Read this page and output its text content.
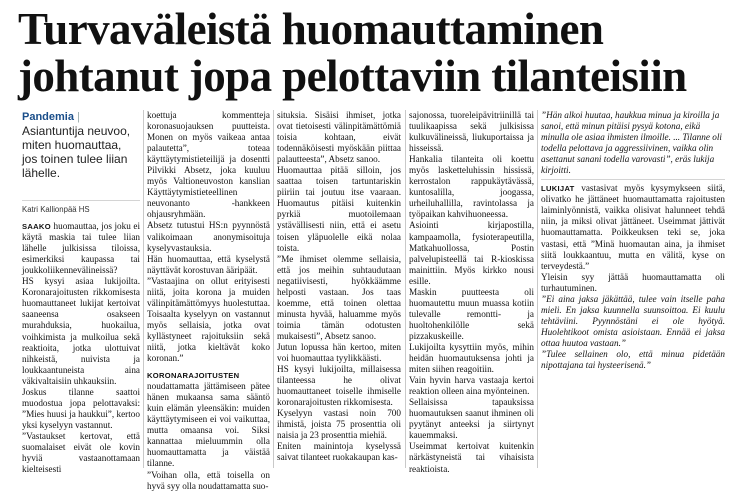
Turvaväleistä huomauttaminen
johtanut jopa pelottaviin tilanteisiin
Pandemia |
Asiantuntija neuvoo, miten huomauttaa, jos toinen tulee liian lähelle.
Katri Kallionpää HS

SAAKO huomauttaa, jos joku ei käytä maskia tai tulee liian lähelle julkisissa tiloissa, esimerkiksi kaupassa tai joukkoliikennevälineissä?

HS kysyi asiaa lukijoilta. Koronarajoitusten rikkomisesta huomauttaneet lukijat kertoivat saaneensa osakseen murahduksia, huokailua, voihkimista ja mulkoilua sekä reaktioita, jotka ulottuivat nihkeistä, nuivista ja loukkaantuneista aina väkivaltaisiin uhkauksiin.

Joskus tilanne saattoi muodostua jopa pelottavaksi: ”Mies huusi ja haukkui”, kertoo yksi kyselyyn vastannut.

”Vastaukset kertovat, että suomalaiset eivät ole kovin hyviä vastaanottamaan kielteisesti

koettuja kommentteja koronasuojauksen puutteista. Monen on myös vaikeaa antaa palautetta”, toteaa käyttäytymistieteilijä ja dosentti Pilvikki Absetz, joka kuuluu myös Valtioneuvoston kanslian Käyttäytymistieteellinen neuvonanto -hankkeen ohjausryhmään.

Absetz tutustui HS:n pyynnöstä valikoimaan anonymisoituja kyselyvastauksia.

Hän huomauttaa, että kyselystä näyttävät korostuvan ääripäät.

”Vastaajina on ollut erityisesti niitä, joita korona ja muiden välinpitämättömyys huolestuttaa. Toisaalta kyselyyn on vastannut myös sellaisia, jotka ovat kyllästyneet rajoituksiin sekä niitä, jotka kieltävät koko koronan.”

KORONARAJOITUSTEN noudattamatta jättämiseen pätee hänen mukaansa sama sääntö kuin elämän yleensäkin: muiden käyttäytymiseen ei voi vaikuttaa, mutta omaansa voi. Siksi kannattaa mieluummin olla huomauttamatta ja väistää tilanne.

”Voihan olla, että toisella on hyvä syy olla noudattamatta suo-

situksia. Sisäisi ihmiset, jotka ovat tietoisesti välinpitämättömiä toisia kohtaan, eivät todennäköisesti myöskään piittaa palautteesta”, Absetz sanoo.

Huomauttaa pitää silloin, jos saattaa toisen tartuntariskin piiriin tai joutuu itse vaaraan. Huomautus pitäisi kuitenkin pyrkiä muotoilemaan ystävällisesti niin, että ei asetu toisen yläpuolelle eikä nolaa toista.

”Me ihmiset olemme sellaisia, että jos meihin suhtaudutaan negatiivisesti, hyökkäämme helposti vastaan. Jos taas koemme, että toinen olettaa minusta hyvää, haluamme myös toimia tämän odotusten mukaisesti”, Absetz sanoo.

Jutun lopussa hän kertoo, miten voi huomauttaa tyylikkäästi.

HS kysyi lukijoilta, millaisessa tilanteessa he olivat huomauttaneet toiselle ihmiselle koronarajoitusten rikkomisesta.

Kyselyyn vastasi noin 700 ihmistä, joista 75 prosenttia oli naisia ja 23 prosenttia miehiä.

Eniten mainintoja kyselyssä saivat tilanteet ruokakaupan kas-

sajonossa, tuoreleipävitriinillä tai tuulikaapissa sekä julkisissa kulkuvälineissä, liukuportaissa ja hisseissä.

Hankalia tilanteita oli koettu myös lasketteluhissin hississä, kerrostalon rappukäytävässä, kuntosalilla, joogassa, urheiluhallilla, ravintolassa ja työpaikan kahvihuoneessa.

Asiointi kirjapostilla, kampaamolla, fysioterapeutilla, Matkahuollossa, Postin palvelupisteellä tai R-kioskissa mainittiin. Myös kirkko nousi esille.

Maskin puutteesta oli huomautettu muun muassa kotiin tulevalle remontti- ja huoltohenkilölle sekä pizzakuskeille.

Lukijoilta kysyttiin myös, mihin heidän huomautuksensa johti ja miten siihen reagoitiin.

Vain hyvin harva vastaaja kertoi reaktion olleen aina myönteinen.

Sellaisissa tapauksissa huomautuksen saanut ihminen oli pyytänyt anteeksi ja siirtynyt kauemmaksi.

Useimmat kertoivat kuitenkin närkästyneistä tai vihaisista reaktioista.

”Hän alkoi huutaa, haukkua minua ja kiroilla ja sanoi, että minun pitäisi pysyä kotona, eikä minulla ole asiaa ihmisten ilmoille. ... Tilanne oli todella pelottava ja aggressiivinen, vaikka olin asettanut sanani todella varovasti”, eräs lukija kirjoitti.

LUKIJAT vastasivat myös kysymykseen siitä, olivatko he jättäneet huomauttamatta rajoitusten laiminlyönnistä, vaikka olisivat halunneet tehdä niin, ja miksi olivat jättäneet. Useimmat jättivät huomauttamatta. Poikkeuksen teki se, joka vastasi, että ”Minä huomautan aina, ja ihmiset siitä loukkaantuu, mutta en välitä, kyse on terveydestä.”

Yleisin syy jättää huomauttamatta oli turhautuminen.

”Ei aina jaksa jäkättää, tulee vain itselle paha mieli. En jaksa kuunnella suunsoittoa. Ei kuulu tehtäviini. Pyynnöstäni ei ole hyötyä. Huolehtikoot omista asioistaan. Ennää ei jaksa ottaa huutoa vastaan.”

”Tulee sellainen olo, että minua pidetään nipottajana tai hysteerisenä.”
